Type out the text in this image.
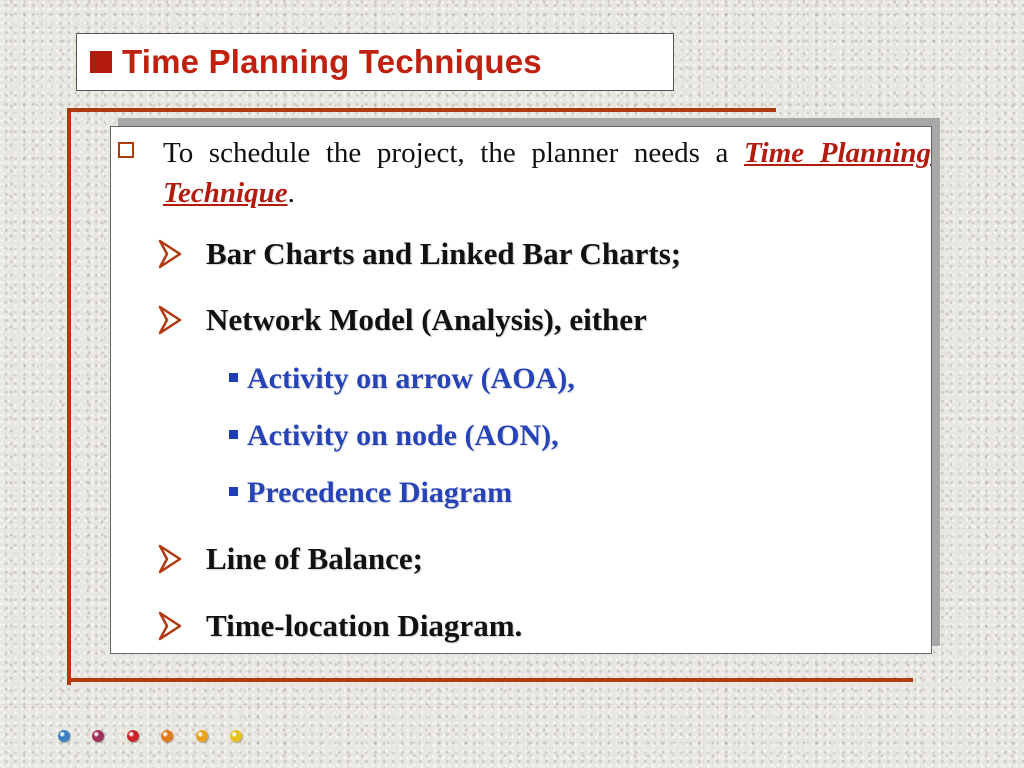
Time Planning Techniques
To schedule the project, the planner needs a Time Planning Technique.
Bar Charts and Linked Bar Charts;
Network Model (Analysis), either
Activity on arrow (AOA),
Activity on node (AON),
Precedence Diagram
Line of Balance;
Time-location Diagram.
